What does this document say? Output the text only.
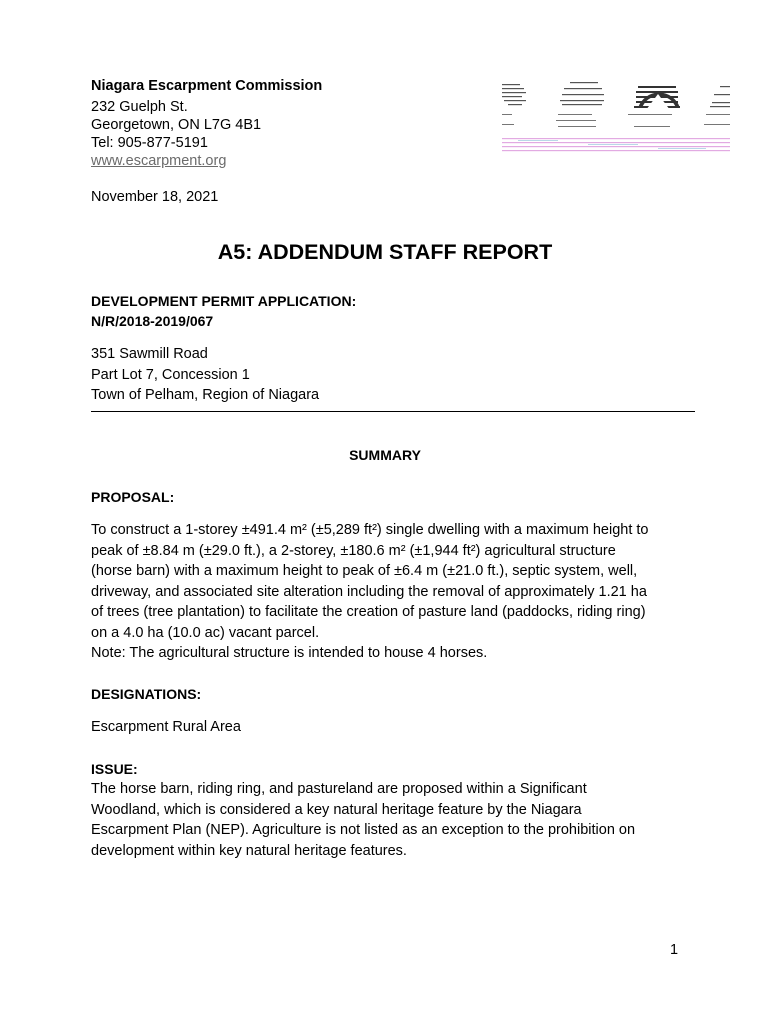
Niagara Escarpment Commission
232 Guelph St.
Georgetown, ON L7G 4B1
Tel: 905-877-5191
www.escarpment.org
November 18, 2021
A5: ADDENDUM STAFF REPORT
DEVELOPMENT PERMIT APPLICATION:
N/R/2018-2019/067
351 Sawmill Road
Part Lot 7, Concession 1
Town of Pelham, Region of Niagara
SUMMARY
PROPOSAL:
To construct a 1-storey ±491.4 m² (±5,289 ft²) single dwelling with a maximum height to
peak of ±8.84 m (±29.0 ft.), a 2-storey, ±180.6 m² (±1,944 ft²) agricultural structure
(horse barn) with a maximum height to peak of ±6.4 m (±21.0 ft.), septic system, well,
driveway, and associated site alteration including the removal of approximately 1.21 ha
of trees (tree plantation) to facilitate the creation of pasture land (paddocks, riding ring)
on a 4.0 ha (10.0 ac) vacant parcel.
Note: The agricultural structure is intended to house 4 horses.
DESIGNATIONS:
Escarpment Rural Area
ISSUE:
The horse barn, riding ring, and pastureland are proposed within a Significant
Woodland, which is considered a key natural heritage feature by the Niagara
Escarpment Plan (NEP). Agriculture is not listed as an exception to the prohibition on
development within key natural heritage features.
1
